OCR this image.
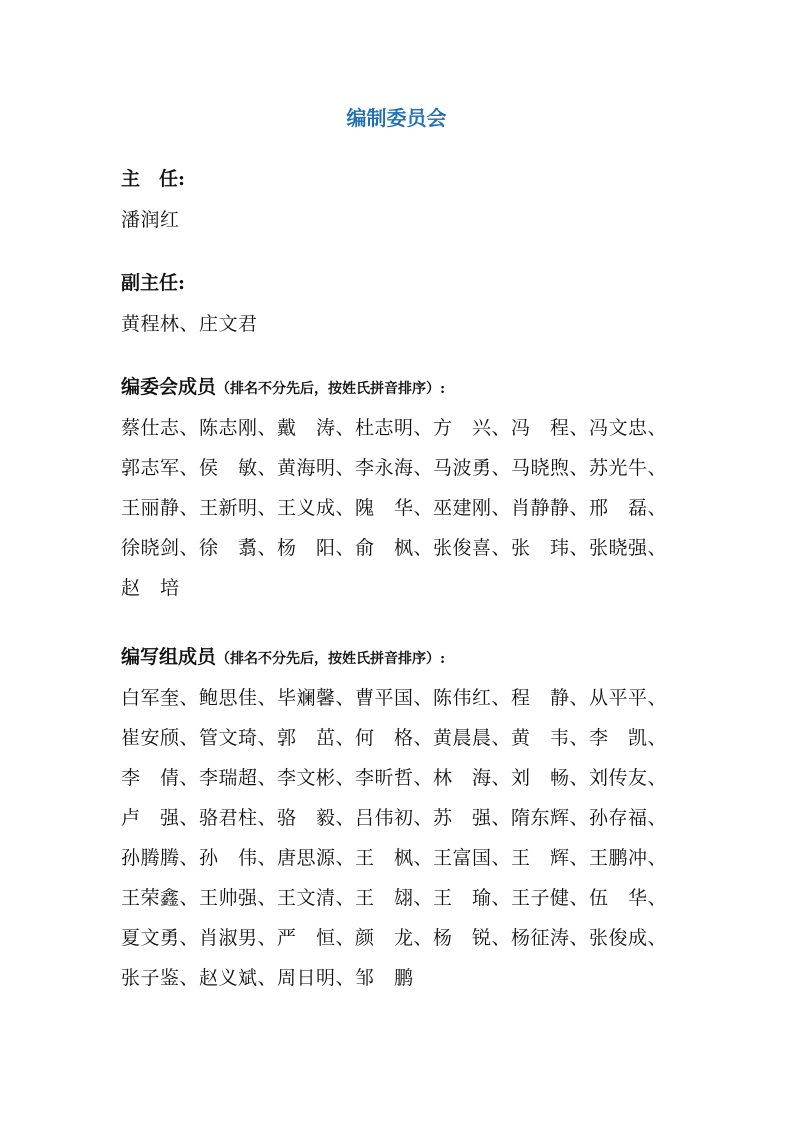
编制委员会
主　任:
潘润红
副主任:
黄程林、庄文君
编委会成员（排名不分先后，按姓氏拼音排序）:
蔡仕志、陈志刚、戴　涛、杜志明、方　兴、冯　程、冯文忠、郭志军、侯　敏、黄海明、李永海、马波勇、马晓煦、苏光牛、王丽静、王新明、王义成、隗　华、巫建刚、肖静静、邢　磊、徐晓剑、徐　翥、杨　阳、俞　枫、张俊喜、张　玮、张晓强、赵　培
编写组成员（排名不分先后，按姓氏拼音排序）:
白军奎、鲍思佳、毕斓馨、曹平国、陈伟红、程　静、从平平、崔安颀、管文琦、郭　茁、何　格、黄晨晨、黄　韦、李　凯、李　倩、李瑞超、李文彬、李昕哲、林　海、刘　畅、刘传友、卢　强、骆君柱、骆　毅、吕伟初、苏　强、隋东辉、孙存福、孙腾腾、孙　伟、唐思源、王　枫、王富国、王　辉、王鹏冲、王荣鑫、王帅强、王文清、王　翃、王　瑜、王子健、伍　华、夏文勇、肖淑男、严　恒、颜　龙、杨　锐、杨征涛、张俊成、张子鉴、赵义斌、周日明、邹　鹏
